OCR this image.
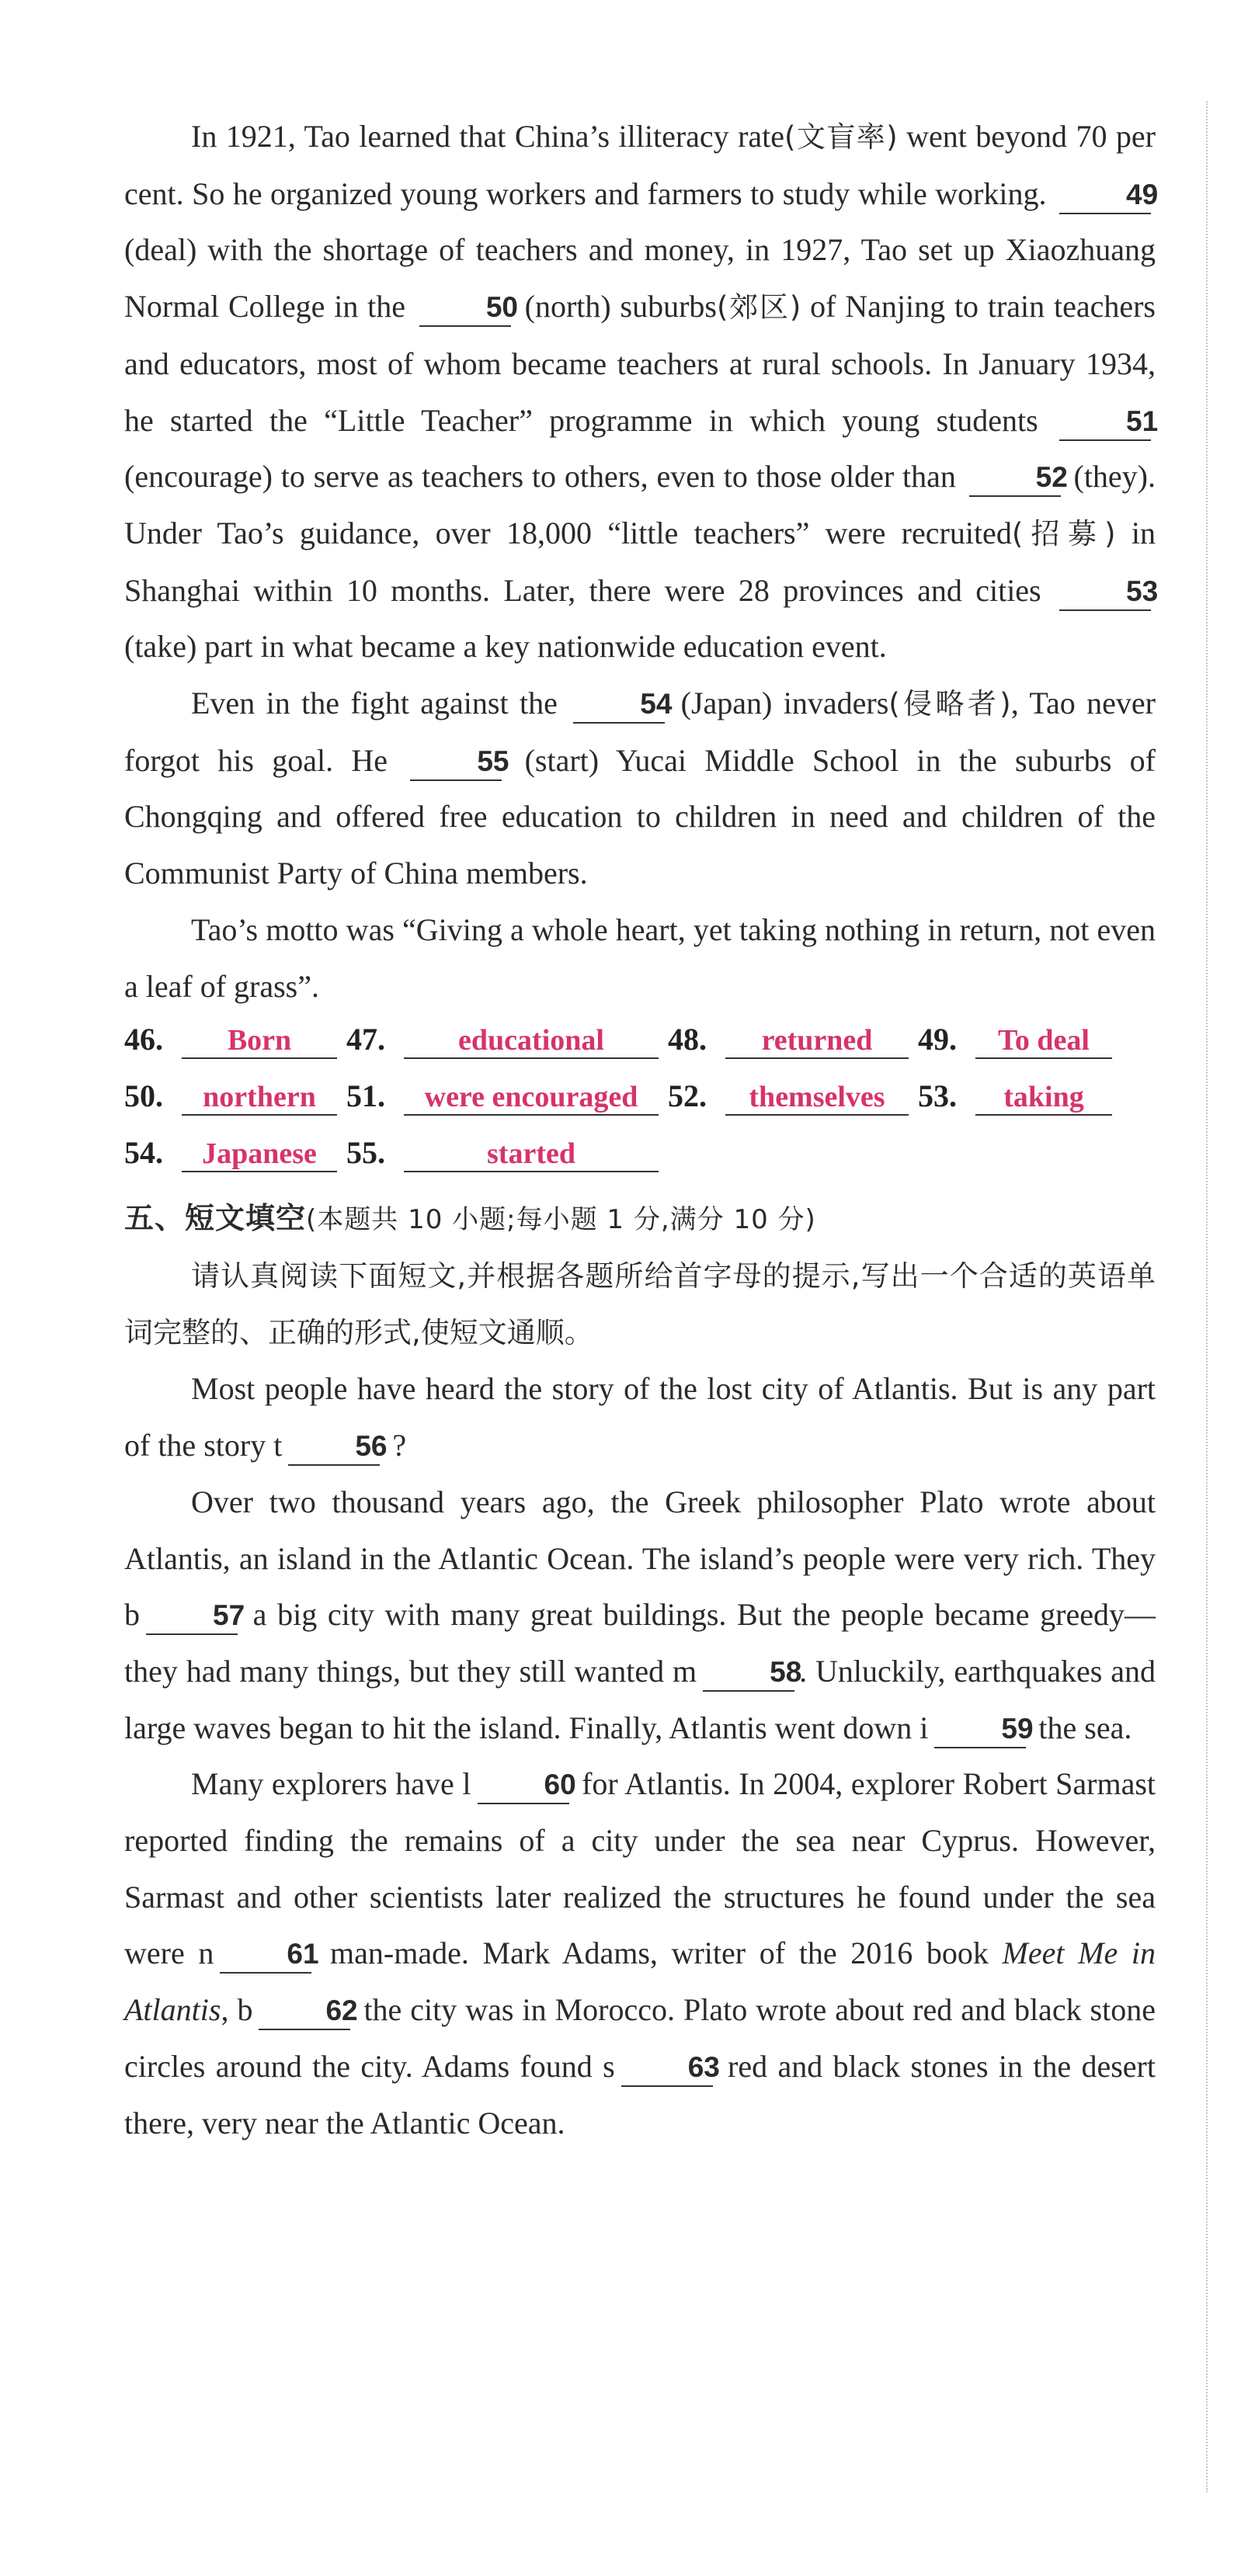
In 1921, Tao learned that China’s illiteracy rate(文盲率) went beyond 70 per cent. So he organized young workers and farmers to study while working. 49 (deal) with the shortage of teachers and money, in 1927, Tao set up Xiaozhuang Normal College in the 50 (north) suburbs(郊区) of Nanjing to train teachers and educators, most of whom became teachers at rural schools. In January 1934, he started the “Little Teacher” programme in which young students 51 (encourage) to serve as teachers to others, even to those older than 52 (they). Under Tao’s guidance, over 18,000 “little teachers” were recruited(招募) in Shanghai within 10 months. Later, there were 28 provinces and cities 53 (take) part in what became a key nationwide education event.

Even in the fight against the 54 (Japan) invaders(侵略者), Tao never forgot his goal. He 55 (start) Yucai Middle School in the suburbs of Chongqing and offered free education to children in need and children of the Communist Party of China members.

Tao’s motto was “Giving a whole heart, yet taking nothing in return, not even a leaf of grass”.

46.	Born	47.	educational	48.	returned	49.	To deal
50.	northern 51.	were encouraged 52.	themselves	53.	taking
54.	Japanese 55.	started

五、短文填空(本题共 10 小题;每小题 1 分,满分 10 分)

请认真阅读下面短文,并根据各题所给首字母的提示,写出一个合适的英语单词完整的、正确的形式,使短文通顺。

Most people have heard the story of the lost city of Atlantis. But is any part of the story t	56 ?

Over two thousand years ago, the Greek philosopher Plato wrote about Atlantis, an island in the Atlantic Ocean. The island’s people were very rich. They b	57 a big city with many great buildings. But the people became greedy—they had many things, but they still wanted m	58. Unluckily, earthquakes and large waves began to hit the island. Finally, Atlantis went down i	59 the sea.

Many explorers have l	60 for Atlantis. In 2004, explorer Robert Sarmast reported finding the remains of a city under the sea near Cyprus. However, Sarmast and other scientists later realized the structures he found under the sea were n	61 man-made. Mark Adams, writer of the 2016 book Meet Me in Atlantis, b	62 the city was in Morocco. Plato wrote about red and black stone circles around the city. Adams found s	63 red and black stones in the desert there, very near the Atlantic Ocean.
